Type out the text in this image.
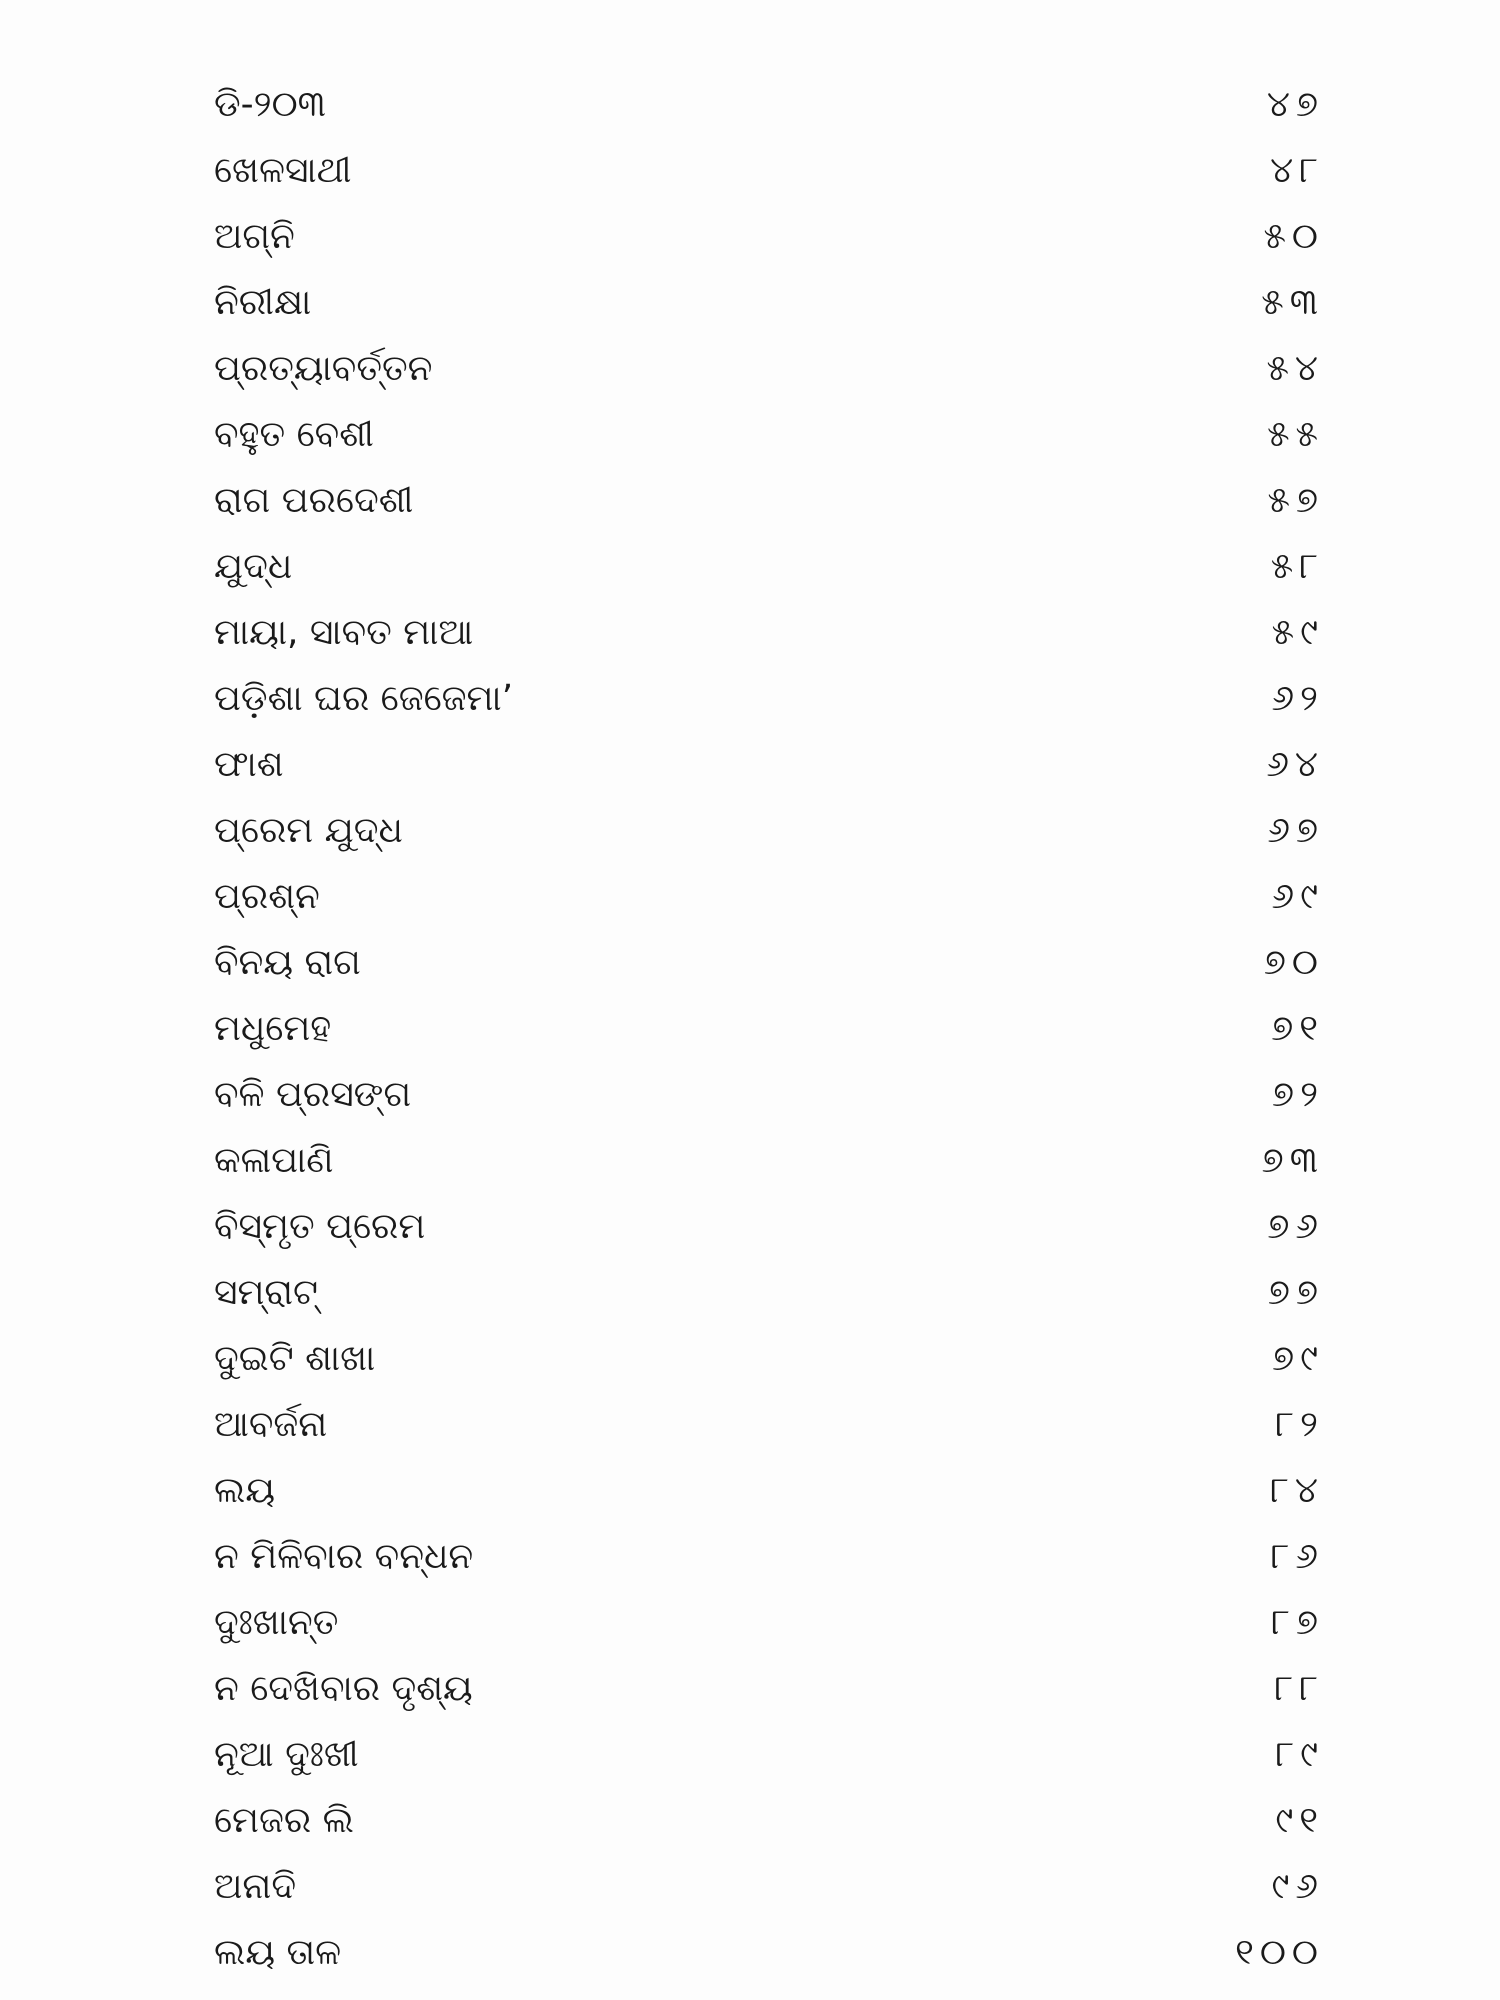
ଡି-୨୦୩	୪୭
ଖେଳସାଥୀ	୪୮
ଅଗ୍ନି	୫୦
ନିରୀକ୍ଷା	୫୩
ପ୍ରତ୍ୟାବର୍ତ୍ତନ	୫୪
ବହୁତ ବେଶୀ	୫୫
ରାଗ ପରଦେଶୀ	୫୭
ଯୁଦ୍ଧ	୫୮
ମାୟା, ସାବତ ମାଆ	୫୯
ପଡ଼ିଶା ଘର ଜେଜେମା’	୬୨
ଫାଶ	୬୪
ପ୍ରେମ ଯୁଦ୍ଧ	୬୭
ପ୍ରଶ୍ନ	୬୯
ବିନୟ ରାଗ	୭୦
ମଧୁମେହ	୭୧
ବଳି ପ୍ରସଙ୍ଗ	୭୨
କଳାପାଣି	୭୩
ବିସ୍ମୃତ ପ୍ରେମ	୭୬
ସମ୍ରାଟ୍	୭୭
ଦୁଇଟି ଶାଖା	୭୯
ଆବର୍ଜନା	୮୨
ଲୟ	୮୪
ନ ମିଳିବାର ବନ୍ଧନ	୮୬
ଦୁଃଖାନ୍ତ	୮୭
ନ ଦେଖିବାର ଦୃଶ୍ୟ	୮୮
ନୂଆ ଦୁଃଖୀ	୮୯
ମେଜର ଲି	୯୧
ଅନାଦି	୯୬
ଲୟ ତାଳ	୧୦୦
